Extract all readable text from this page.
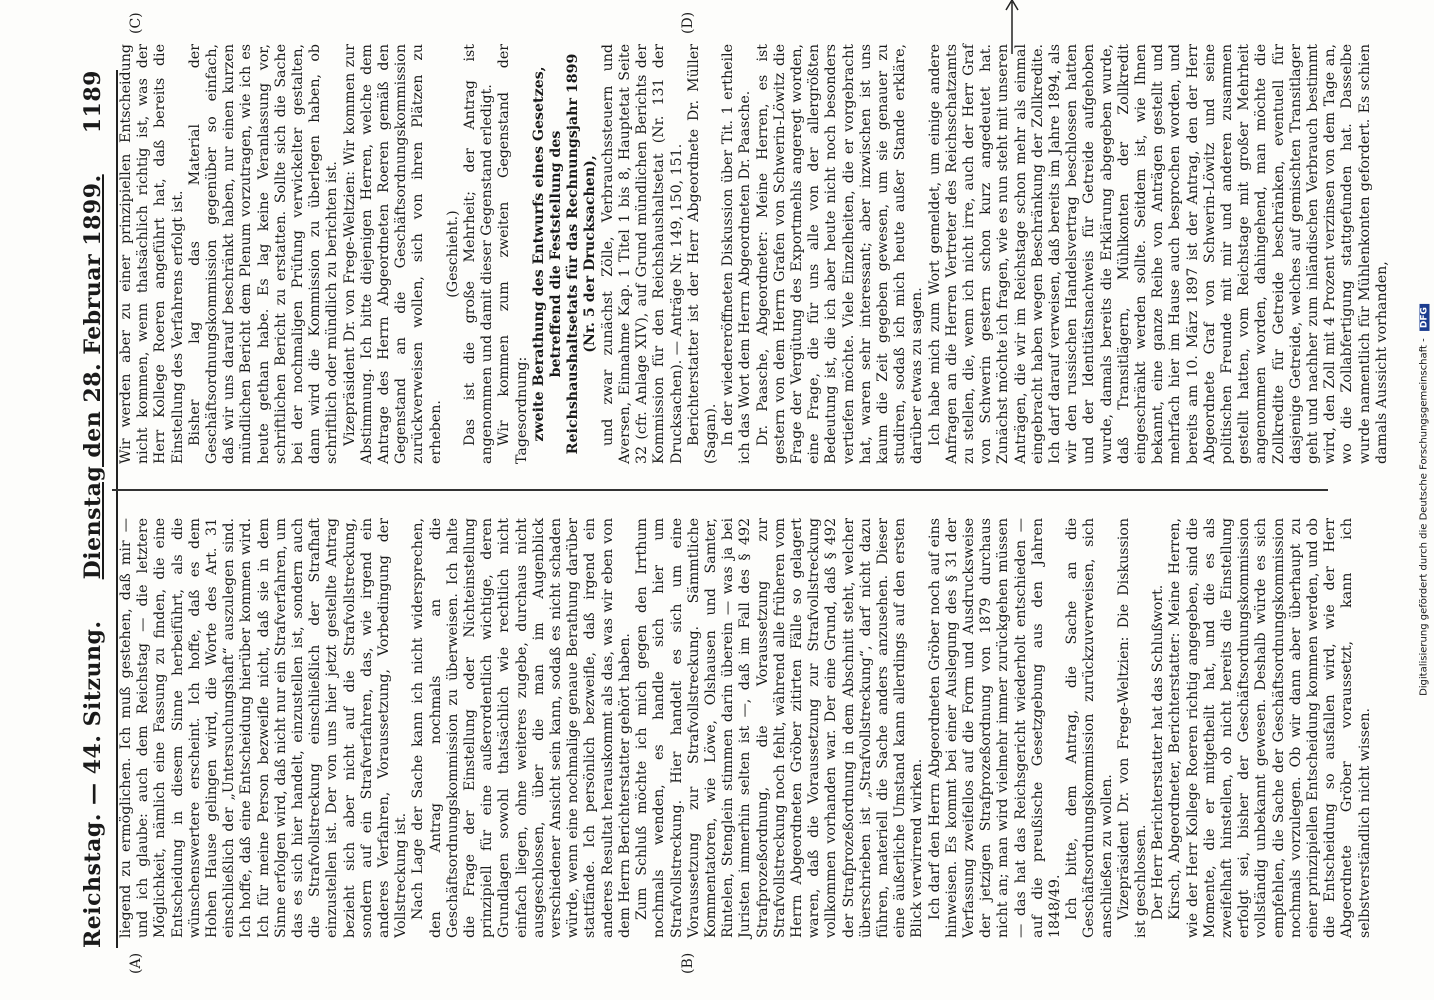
Reichstag. — 44. Sitzung.
Dienstag den 28. Februar 1899.
1189
(A)	(B)
(C)	(D)

liegend zu ermöglichen. Ich muß gestehen, daß mir — und ich glaube: auch dem Reichstag — die letztere Möglichkeit, nämlich eine Fassung zu finden, die eine Entscheidung in diesem Sinne herbeiführt, als die wünschenswertere erscheint. Ich hoffe, daß es dem Hohen Hause gelingen wird, die Worte des Art. 31 einschließlich der „Untersuchungshaft“ auszulegen sind. Ich hoffe, daß eine Entscheidung hierüber kommen wird. Ich für meine Person bezweifle nicht, daß sie in dem Sinne erfolgen wird, daß nicht nur ein Strafverfahren, um das es sich hier handelt, einzustellen ist, sondern auch die Strafvollstreckung einschließlich der Strafhaft einzustellen ist. Der von uns hier jetzt gestellte Antrag bezieht sich aber nicht auf die Strafvollstreckung, sondern auf ein Strafverfahren, das, wie irgend ein anderes Verfahren, Voraussetzung, Vorbedingung der Vollstreckung ist. Nach Lage der Sache kann ich nicht widersprechen, den Antrag nochmals an die Geschäftsordnungskommission zu überweisen. Ich halte die Frage der Einstellung oder Nichteinstellung prinzipiell für eine außerordentlich wichtige, deren Grundlagen sowohl thatsächlich wie rechtlich nicht einfach liegen, ohne weiteres zugebe, durchaus nicht ausgeschlossen, über die man im Augenblick verschiedener Ansicht sein kann, sodaß es nicht schaden würde, wenn eine nochmalige genaue Berathung darüber stattfände. Ich persönlich bezweifle, daß irgend ein anderes Resultat herauskommt als das, was wir eben von dem Herrn Berichterstatter gehört haben. Zum Schluß möchte ich mich gegen den Irrthum nochmals wenden, es handle sich hier um Strafvollstreckung. Hier handelt es sich um eine Voraussetzung zur Strafvollstreckung. Sämmtliche Kommentatoren, wie Löwe, Olshausen und Samter, Rintelen, Stenglein stimmen darin überein — was ja bei Juristen immerhin selten ist —, daß im Fall des § 492 Strafprozeßordnung, die Voraussetzung zur Strafvollstreckung noch fehlt, während alle früheren vom Herrn Abgeordneten Gröber zitirten Fälle so gelagert waren, daß die Voraussetzung zur Strafvollstreckung vollkommen vorhanden war. Der eine Grund, daß § 492 der Strafprozeßordnung in dem Abschnitt steht, welcher überschrieben ist „Strafvollstreckung“, darf nicht dazu führen, materiell die Sache anders anzusehen. Dieser eine äußerliche Umstand kann allerdings auf den ersten Blick verwirrend wirken. Ich darf den Herrn Abgeordneten Gröber noch auf eins hinweisen. Es kommt bei einer Auslegung des § 31 der Verfassung zweifellos auf die Form und Ausdrucksweise der jetzigen Strafprozeßordnung von 1879 durchaus nicht an; man wird vielmehr immer zurückgehen müssen — das hat das Reichsgericht wiederholt entschieden — auf die preußische Gesetzgebung aus den Jahren 1848/49. Ich bitte, dem Antrag, die Sache an die Geschäftsordnungskommission zurückzuverweisen, sich anschließen zu wollen. Vizepräsident Dr. von Frege-Weltzien: Die Diskussion ist geschlossen. Der Herr Berichterstatter hat das Schlußwort. Kirsch, Abgeordneter, Berichterstatter: Meine Herren, wie der Herr Kollege Roeren richtig angegeben, sind die Momente, die er mitgetheilt hat, und die es als zweifelhaft hinstellen, ob nicht bereits die Einstellung erfolgt sei, bisher der Geschäftsordnungskommission vollständig unbekannt gewesen. Deshalb würde es sich empfehlen, die Sache der Geschäftsordnungskommission nochmals vorzulegen. Ob wir dann aber überhaupt zu einer prinzipiellen Entscheidung kommen werden, und ob die Entscheidung so ausfallen wird, wie der Herr Abgeordnete Gröber voraussetzt, kann ich selbstverständlich nicht wissen.

Wir werden aber zu einer prinzipiellen Entscheidung nicht kommen, wenn thatsächlich richtig ist, was der Herr Kollege Roeren angeführt hat, daß bereits die Einstellung des Verfahrens erfolgt ist. Bisher lag das Material der Geschäftsordnungskommission gegenüber so einfach, daß wir uns darauf beschränkt haben, nur einen kurzen mündlichen Bericht dem Plenum vorzutragen, wie ich es heute gethan habe. Es lag keine Veranlassung vor, schriftlichen Bericht zu erstatten. Sollte sich die Sache bei der nochmaligen Prüfung verwickelter gestalten, dann wird die Kommission zu überlegen haben, ob schriftlich oder mündlich zu berichten ist. Vizepräsident Dr. von Frege-Weltzien: Wir kommen zur Abstimmung. Ich bitte diejenigen Herren, welche dem Antrage des Herrn Abgeordneten Roeren gemäß den Gegenstand an die Geschäftsordnungskommission zurückverweisen wollen, sich von ihren Plätzen zu erheben.

(Geschieht.) Das ist die große Mehrheit; der Antrag ist angenommen und damit dieser Gegenstand erledigt. Wir kommen zum zweiten Gegenstand der Tagesordnung: zweite Berathung des Entwurfs eines Gesetzes, betreffend die Feststellung des Reichshaushaltsetats für das Rechnungsjahr 1899 (Nr. 5 der Drucksachen), und zwar zunächst Zölle, Verbrauchssteuern und Aversen, Einnahme Kap. 1 Titel 1 bis 8, Hauptetat Seite 32 (cfr. Anlage XIV), auf Grund mündlichen Berichts der Kommission für den Reichshaushaltsetat (Nr. 131 der Drucksachen). — Anträge Nr. 149, 150, 151. Berichterstatter ist der Herr Abgeordnete Dr. Müller (Sagan). In der wiedereröffneten Diskussion über Tit. 1 ertheile ich das Wort dem Herrn Abgeordneten Dr. Paasche. Dr. Paasche, Abgeordneter: Meine Herren, es ist gestern von dem Herrn Grafen von Schwerin-Löwitz die Frage der Vergütung des Exportmehls angeregt worden, eine Frage, die für uns alle von der allergrößten Bedeutung ist, die ich aber heute nicht noch besonders vertiefen möchte. Viele Einzelheiten, die er vorgebracht hat, waren sehr interessant; aber inzwischen ist uns kaum die Zeit gegeben gewesen, um sie genauer zu studiren, sodaß ich mich heute außer Stande erkläre, darüber etwas zu sagen. Ich habe mich zum Wort gemeldet, um einige andere Anfragen an die Herren Vertreter des Reichsschatzamts zu stellen, die, wenn ich nicht irre, auch der Herr Graf von Schwerin gestern schon kurz angedeutet hat. Zunächst möchte ich fragen, wie es nun steht mit unseren Anträgen, die wir im Reichstage schon mehr als einmal eingebracht haben wegen Beschränkung der Zollkredite. Ich darf darauf verweisen, daß bereits im Jahre 1894, als wir den russischen Handelsvertrag beschlossen hatten und der Identitätsnachweis für Getreide aufgehoben wurde, damals bereits die Erklärung abgegeben wurde, daß Transitlägern, Mühlkonten der Zollkredit eingeschränkt werden sollte. Seitdem ist, wie Ihnen bekannt, eine ganze Reihe von Anträgen gestellt und mehrfach hier im Hause auch besprochen worden, und bereits am 10. März 1897 ist der Antrag, den der Herr Abgeordnete Graf von Schwerin-Löwitz und seine politischen Freunde mit mir und anderen zusammen gestellt hatten, vom Reichstage mit großer Mehrheit angenommen worden, dahingehend, man möchte die Zollkredite für Getreide beschränken, eventuell für dasjenige Getreide, welches auf gemischten Transitlager geht und nachher zum inländischen Verbrauch bestimmt wird, den Zoll mit 4 Prozent verzinsen von dem Tage an, wo die Zollabfertigung stattgefunden hat. Dasselbe wurde namentlich für Mühlenkonten gefordert. Es schien damals Aussicht vorhanden,	Digitalisierung gefördert durch die Deutsche Forschungsgemeinschaft - DFG
